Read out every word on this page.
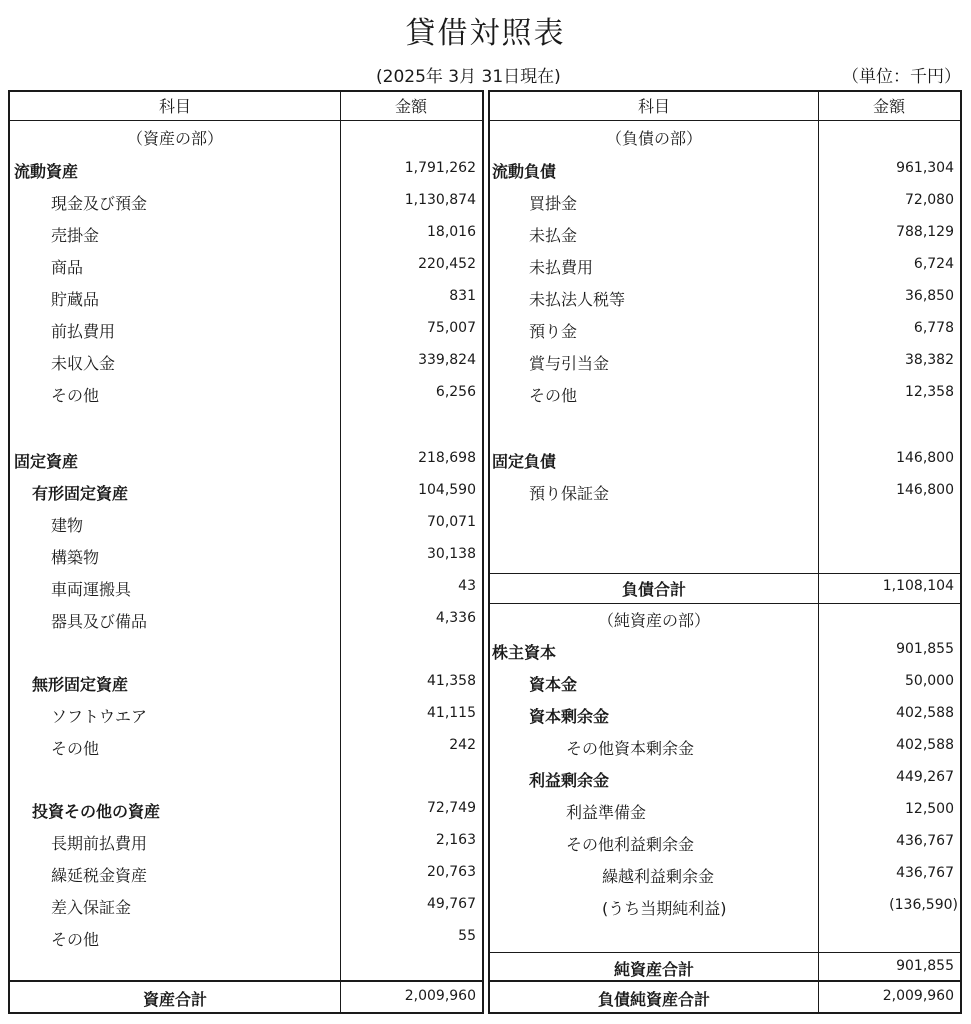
貸借対照表
(2025年 3月 31日現在)	（単位：千円）
科目	金額
（資産の部）
流動資産	1,791,262
現金及び預金	1,130,874
売掛金	18,016
商品	220,452
貯蔵品	831
前払費用	75,007
未収入金	339,824
その他	6,256
固定資産	218,698
有形固定資産	104,590
建物	70,071
構築物	30,138
車両運搬具	43
器具及び備品	4,336
無形固定資産	41,358
ソフトウエア	41,115
その他	242
投資その他の資産	72,749
長期前払費用	2,163
繰延税金資産	20,763
差入保証金	49,767
その他	55
資産合計	2,009,960
科目	金額
（負債の部）
流動負債	961,304
買掛金	72,080
未払金	788,129
未払費用	6,724
未払法人税等	36,850
預り金	6,778
賞与引当金	38,382
その他	12,358
固定負債	146,800
預り保証金	146,800
負債合計	1,108,104
（純資産の部）
株主資本	901,855
資本金	50,000
資本剰余金	402,588
その他資本剰余金	402,588
利益剰余金	449,267
利益準備金	12,500
その他利益剰余金	436,767
繰越利益剰余金	436,767
(うち当期純利益)	(136,590)
純資産合計	901,855
負債純資産合計	2,009,960
